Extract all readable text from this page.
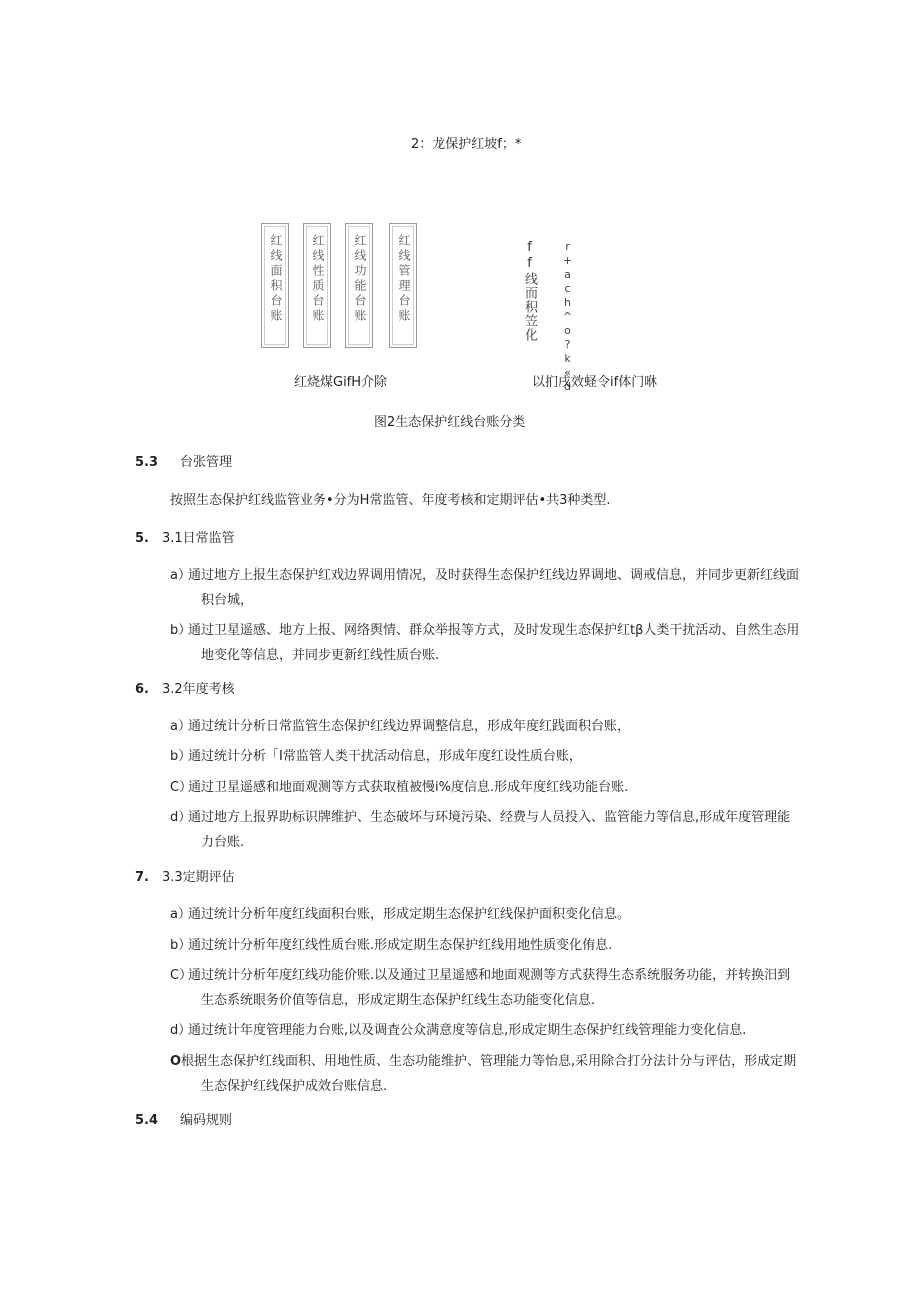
2：龙保护红坡f；*
红线面积台账	红线性质台账	红线功能台账	红线管理台账	ff线而积笠化 r+ach^o?k«d
红烧煤GifH介除	以扪戌效蛏令if体门咻
图2生态保护红线台账分类
5.3 台张管理
按照生态保护红线监管业务•分为H常监管、年度考核和定期评估•共3种类型.
5. 3.1日常监管
a）
通过地方上报生态保护红戏边界调用情况，及时获得生态保护红线边界调地、调戒信息，并同步更新红线面
积台城，
b）
通过卫星遥感、地方上报、网络舆情、群众举报等方式，及时发现生态保护红tβ人类干扰活动、自然生态用
地变化等信息，并同步更新红线性质台账.
6. 3.2年度考核
a）
通过统计分析日常监管生态保护红线边界调整信息，形成年度红践面积台账，
b）
通过统计分析「I常监管人类干扰活动信息，形成年度红设性质台账，
C）
通过卫星遥感和地面观测等方式获取植被慢i%度信息.形成年度红线功能台账.
d）
通过地方上报界助标识牌维护、生态破坏与环境污染、经费与人员投入、监管能力等信息,形成年度管理能
力台账.
7. 3.3定期评估
a）
通过统计分析年度红线面积台账，形成定期生态保护红线保护面积变化信息。
b）
通过统计分析年度红线性质台账.形成定期生态保护红线用地性质变化侑息.
C）
通过统计分析年度红线功能价账.以及通过卫星遥感和地面观测等方式获得生态系统服务功能，并转换汨到
生态系统眼务价值等信息，形成定期生态保护红线生态功能变化信息.
d）
通过统计年度管理能力台账,以及调査公众满意度等信息,形成定期生态保护红线管理能力变化信息.
O 根据生态保护红线面积、用地性质、生态功能维护、管理能力等怡息,采用除合打分法计分与评估，形成定期
生态保护红线保护成效台账信息.
5.4 编码规则
